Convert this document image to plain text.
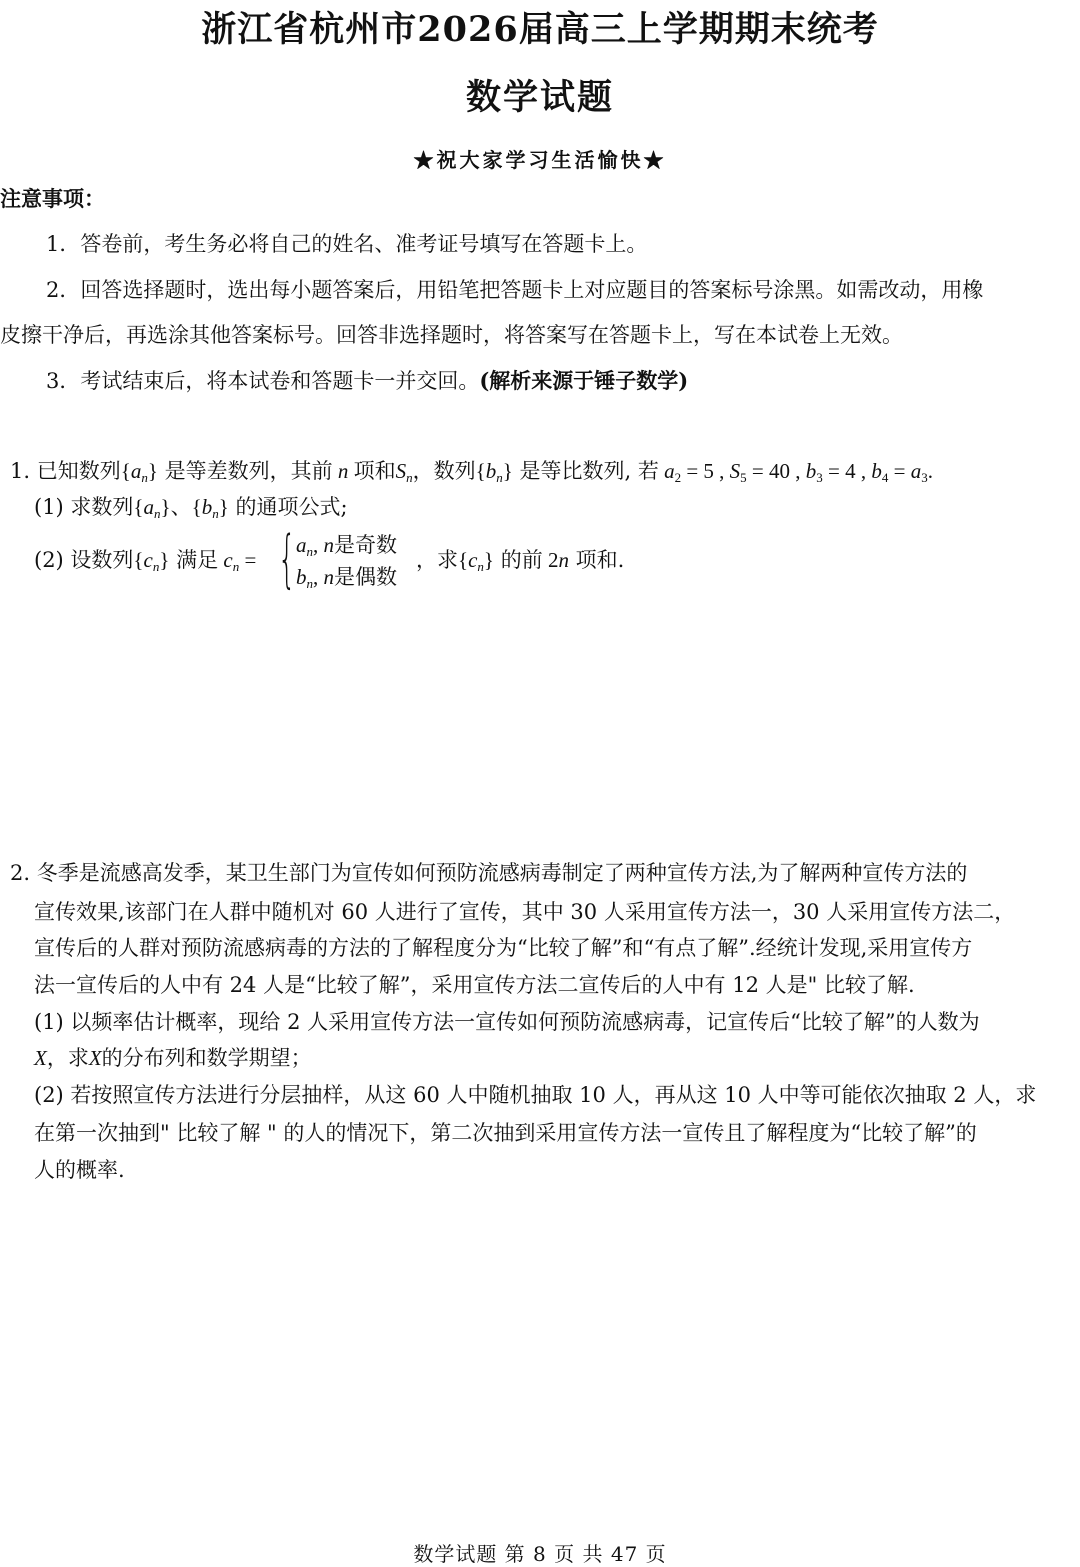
浙江省杭州市2026届高三上学期期末统考
数学试题
★祝大家学习生活愉快★
注意事项：
1．答卷前，考生务必将自己的姓名、准考证号填写在答题卡上。
2．回答选择题时，选出每小题答案后，用铅笔把答题卡上对应题目的答案标号涂黑。如需改动，用橡
皮擦干净后，再选涂其他答案标号。回答非选择题时，将答案写在答题卡上，写在本试卷上无效。
3．考试结束后，将本试卷和答题卡一并交回。(解析来源于锤子数学)
1. 已知数列$\{a_n\}$ 是等差数列，其前 n 项和$S_n$，数列$\{b_n\}$ 是等比数列, 若 $a_2 = 5$ , $S_5 = 40$ , $b_3 = 4$ , $b_4 = a_3$.
(1) 求数列$\{a_n\}$、$\{b_n\}$ 的通项公式;
(2) 设数列$\{c_n\}$ 满足 $c_n$ = { $a_n$, n是奇数
$b_n$, n是偶数
，求$\{c_n\}$ 的前 2n 项和.
2. 冬季是流感高发季，某卫生部门为宣传如何预防流感病毒制定了两种宣传方法,为了解两种宣传方法的
宣传效果,该部门在人群中随机对 60 人进行了宣传，其中 30 人采用宣传方法一，30 人采用宣传方法二，
宣传后的人群对预防流感病毒的方法的了解程度分为“比较了解”和“有点了解”.经统计发现,采用宣传方
法一宣传后的人中有 24 人是“比较了解”，采用宣传方法二宣传后的人中有 12 人是" 比较了解.
(1) 以频率估计概率，现给 2 人采用宣传方法一宣传如何预防流感病毒，记宣传后“比较了解”的人数为
X，求X的分布列和数学期望；
(2) 若按照宣传方法进行分层抽样，从这 60 人中随机抽取 10 人，再从这 10 人中等可能依次抽取 2 人，求
在第一次抽到" 比较了解 " 的人的情况下，第二次抽到采用宣传方法一宣传且了解程度为“比较了解”的
人的概率.
数学试题 第 8 页 共 47 页
